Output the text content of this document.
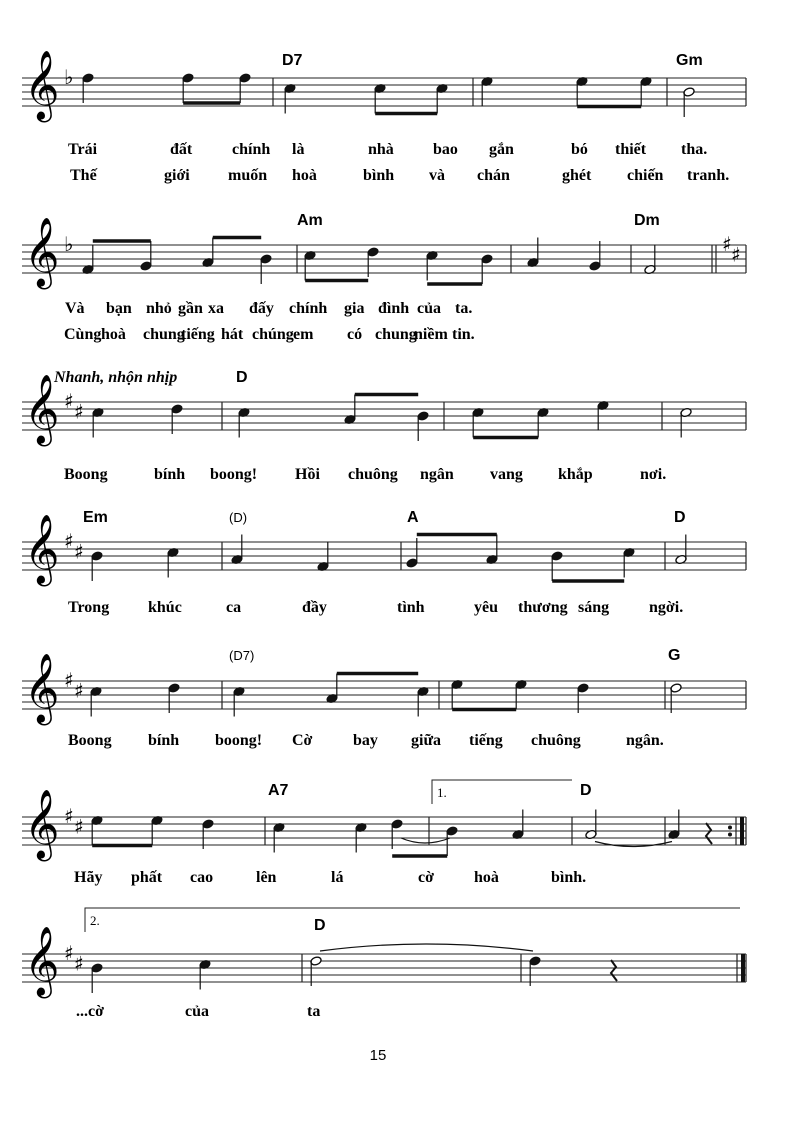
𝄞 ♭
𝄞 ♭	♯ ♯
𝄞 ♯ ♯
𝄞 ♯ ♯
𝄞 ♯ ♯
𝄞 ♯ ♯
𝄞 ♯ ♯
D7	Gm
Trái	đất chính là	nhà bao gắn	bó thiết tha.
Thế	giới muốn hoà	bình và chán	ghét chiến tranh.
Am	Dm
Và bạn nhỏ gần xa đấy chính gia đình của ta.
Cùng hoà chung
tiếng hát chúng em có chung
niềm tin.
Nhanh, nhộn nhịp	D
Boong	bính boong! Hồi chuông ngân vang khắp	nơi.
Em	(D)	A	D
Trong khúc	ca	đầy	tình	yêu thương sáng ngời.
(D7)	G
Boong bính boong! Cờ	bay giữa tiếng chuông	ngân.
1.
A7	D
Hãy phất cao	lên	lá	cờ	hoà	bình.
2.	D
...cờ	của	ta
15
